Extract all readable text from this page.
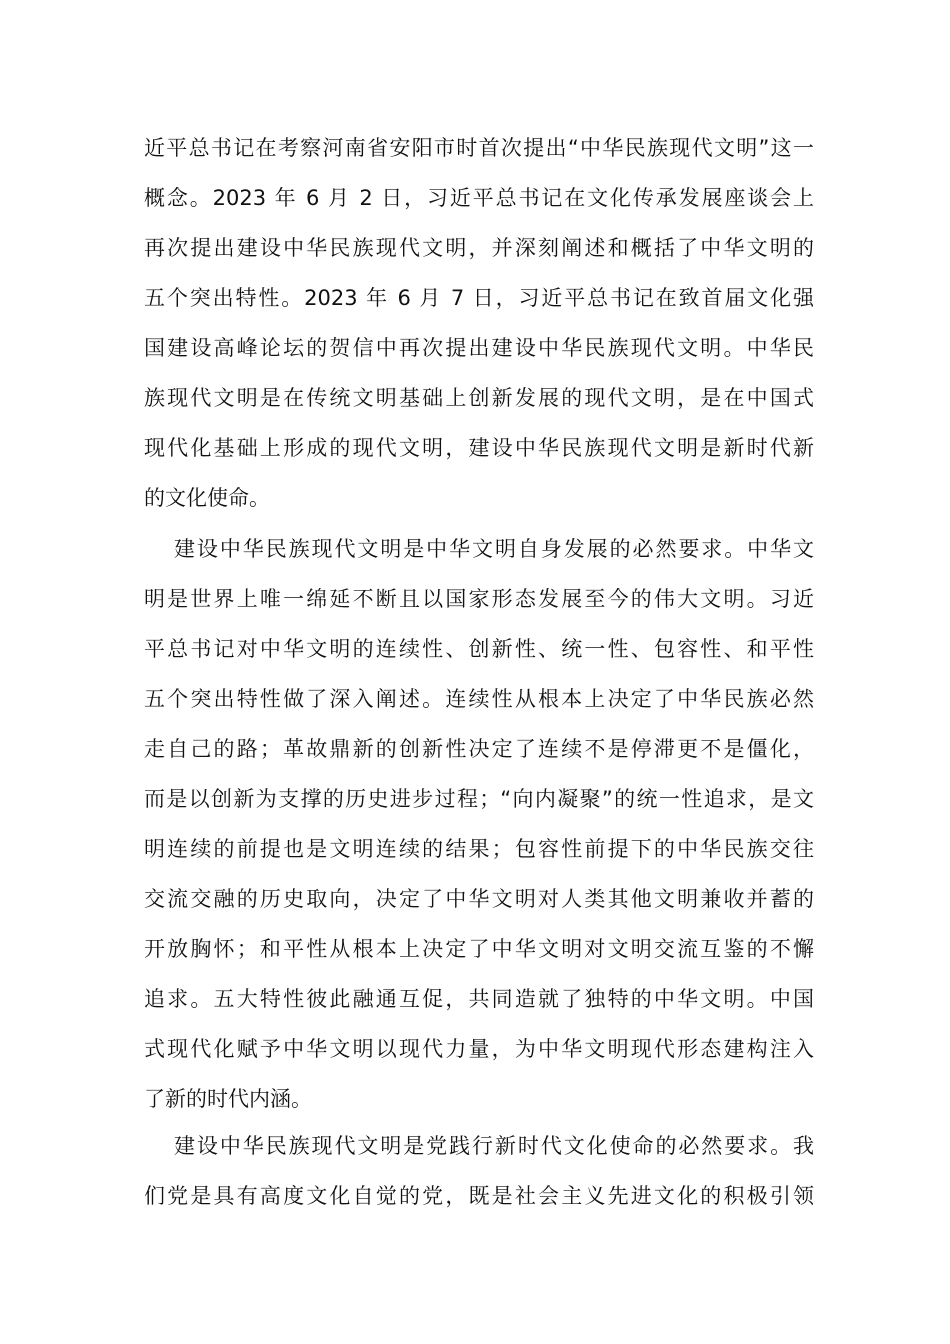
近平总书记在考察河南省安阳市时首次提出“中华民族现代文明”这一
概念。2023 年 6 月 2 日，习近平总书记在文化传承发展座谈会上
再次提出建设中华民族现代文明，并深刻阐述和概括了中华文明的
五个突出特性。2023 年 6 月 7 日，习近平总书记在致首届文化强
国建设高峰论坛的贺信中再次提出建设中华民族现代文明。中华民
族现代文明是在传统文明基础上创新发展的现代文明，是在中国式
现代化基础上形成的现代文明，建设中华民族现代文明是新时代新
的文化使命。
建设中华民族现代文明是中华文明自身发展的必然要求。中华文
明是世界上唯一绵延不断且以国家形态发展至今的伟大文明。习近
平总书记对中华文明的连续性、创新性、统一性、包容性、和平性
五个突出特性做了深入阐述。连续性从根本上决定了中华民族必然
走自己的路；革故鼎新的创新性决定了连续不是停滞更不是僵化，
而是以创新为支撑的历史进步过程；“向内凝聚”的统一性追求，是文
明连续的前提也是文明连续的结果；包容性前提下的中华民族交往
交流交融的历史取向，决定了中华文明对人类其他文明兼收并蓄的
开放胸怀；和平性从根本上决定了中华文明对文明交流互鉴的不懈
追求。五大特性彼此融通互促，共同造就了独特的中华文明。中国
式现代化赋予中华文明以现代力量，为中华文明现代形态建构注入
了新的时代内涵。
建设中华民族现代文明是党践行新时代文化使命的必然要求。我
们党是具有高度文化自觉的党，既是社会主义先进文化的积极引领
